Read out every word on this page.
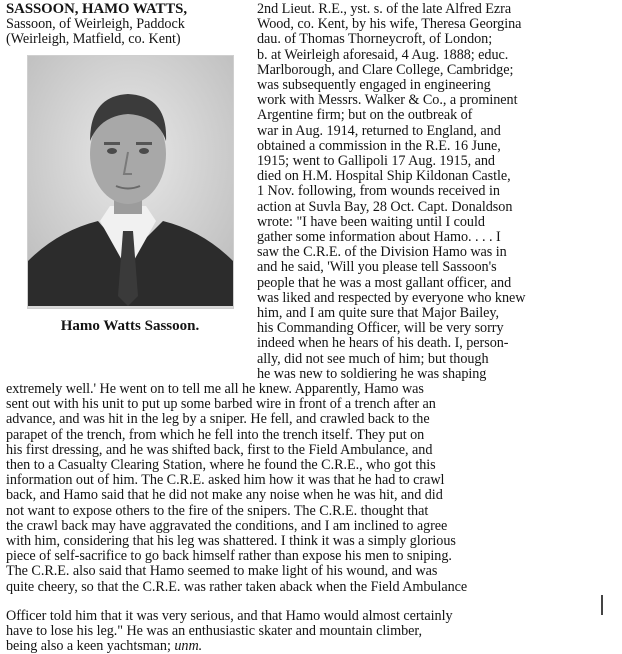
SASSOON, HAMO WATTS,
Sassoon, of Weirleigh, Paddock
(Weirleigh, Matfield, co. Kent)
Hamo Watts Sassoon.
2nd Lieut. R.E., yst. s. of the late Alfred Ezra
Wood, co. Kent, by his wife, Theresa Georgina
dau. of Thomas Thorneycroft, of London;
b. at Weirleigh aforesaid, 4 Aug. 1888; educ.
Marlborough, and Clare College, Cambridge;
was subsequently engaged in engineering
work with Messrs. Walker & Co., a prominent
Argentine firm; but on the outbreak of
war in Aug. 1914, returned to England, and
obtained a commission in the R.E. 16 June,
1915; went to Gallipoli 17 Aug. 1915, and
died on H.M. Hospital Ship Kildonan Castle,
1 Nov. following, from wounds received in
action at Suvla Bay, 28 Oct. Capt. Donaldson
wrote: "I have been waiting until I could
gather some information about Hamo. . . . I
saw the C.R.E. of the Division Hamo was in
and he said, 'Will you please tell Sassoon's
people that he was a most gallant officer, and
was liked and respected by everyone who knew
him, and I am quite sure that Major Bailey,
his Commanding Officer, will be very sorry
indeed when he hears of his death. I, person-
ally, did not see much of him; but though
he was new to soldiering he was shaping
extremely well.' He went on to tell me all he knew. Apparently, Hamo was
sent out with his unit to put up some barbed wire in front of a trench after an
advance, and was hit in the leg by a sniper. He fell, and crawled back to the
parapet of the trench, from which he fell into the trench itself. They put on
his first dressing, and he was shifted back, first to the Field Ambulance, and
then to a Casualty Clearing Station, where he found the C.R.E., who got this
information out of him. The C.R.E. asked him how it was that he had to crawl
back, and Hamo said that he did not make any noise when he was hit, and did
not want to expose others to the fire of the snipers. The C.R.E. thought that
the crawl back may have aggravated the conditions, and I am inclined to agree
with him, considering that his leg was shattered. I think it was a simply glorious
piece of self-sacrifice to go back himself rather than expose his men to sniping.
The C.R.E. also said that Hamo seemed to make light of his wound, and was
quite cheery, so that the C.R.E. was rather taken aback when the Field Ambulance
Officer told him that it was very serious, and that Hamo would almost certainly
have to lose his leg." He was an enthusiastic skater and mountain climber,
being also a keen yachtsman; unm.
